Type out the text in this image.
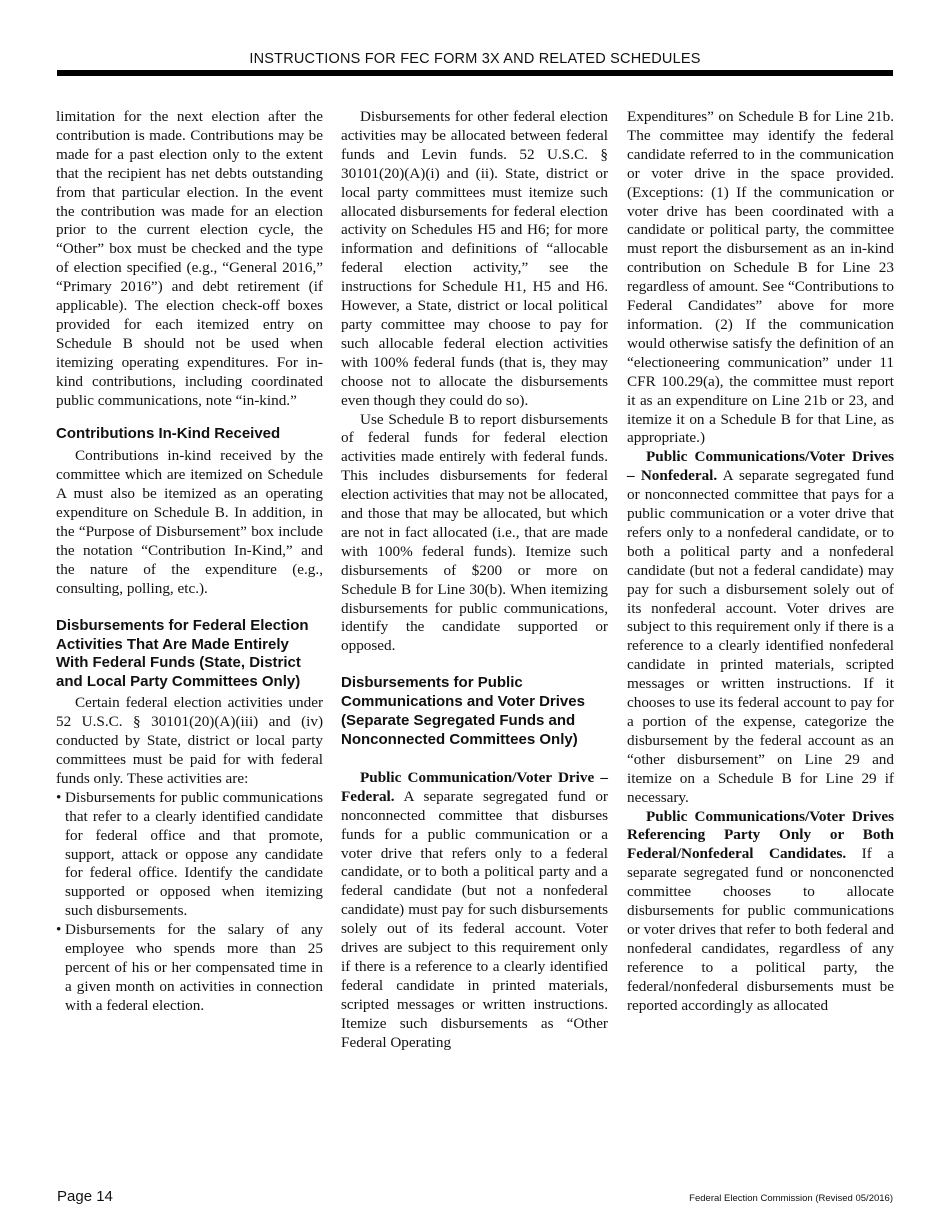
INSTRUCTIONS FOR FEC FORM 3X AND RELATED SCHEDULES

limitation for the next election after the contribution is made. Contributions may be made for a past election only to the extent that the recipient has net debts outstanding from that particular election. In the event the contribution was made for an election prior to the current election cycle, the “Other” box must be checked and the type of election specified (e.g., “General 2016,” “Primary 2016”) and debt retirement (if applicable). The election check-off boxes provided for each itemized entry on Schedule B should not be used when itemizing operating expenditures. For in-kind contributions, including coordinated public communications, note “in-kind.”

Contributions In-Kind Received

Contributions in-kind received by the committee which are itemized on Schedule A must also be itemized as an operating expenditure on Schedule B. In addition, in the “Purpose of Disbursement” box include the notation “Contribution In-Kind,” and the nature of the expenditure (e.g., consulting, polling, etc.).

Disbursements for Federal Election Activities That Are Made Entirely With Federal Funds (State, District and Local Party Committees Only)

Certain federal election activities under 52 U.S.C. § 30101(20)(A)(iii) and (iv) conducted by State, district or local party committees must be paid for with federal funds only. These activities are:

• Disbursements for public communications that refer to a clearly identified candidate for federal office and that promote, support, attack or oppose any candidate for federal office. Identify the candidate supported or opposed when itemizing such disbursements.
• Disbursements for the salary of any employee who spends more than 25 percent of his or her compensated time in a given month on activities in connection with a federal election.

Disbursements for other federal election activities may be allocated between federal funds and Levin funds. 52 U.S.C. § 30101(20)(A)(i) and (ii). State, district or local party committees must itemize such allocated disbursements for federal election activity on Schedules H5 and H6; for more information and definitions of “allocable federal election activity,” see the instructions for Schedule H1, H5 and H6. However, a State, district or local political party committee may choose to pay for such allocable federal election activities with 100% federal funds (that is, they may choose not to allocate the disbursements even though they could do so).

Use Schedule B to report disbursements of federal funds for federal election activities made entirely with federal funds. This includes disbursements for federal election activities that may not be allocated, and those that may be allocated, but which are not in fact allocated (i.e., that are made with 100% federal funds). Itemize such disbursements of $200 or more on Schedule B for Line 30(b). When itemizing disbursements for public communications, identify the candidate supported or opposed.

Disbursements for Public Communications and Voter Drives (Separate Segregated Funds and Nonconnected Committees Only)

Public Communication/Voter Drive – Federal. A separate segregated fund or nonconnected committee that disburses funds for a public communication or a voter drive that refers only to a federal candidate, or to both a political party and a federal candidate (but not a nonfederal candidate) must pay for such disbursements solely out of its federal account. Voter drives are subject to this requirement only if there is a reference to a clearly identified federal candidate in printed materials, scripted messages or written instructions. Itemize such disbursements as “Other Federal Operating

Expenditures” on Schedule B for Line 21b. The committee may identify the federal candidate referred to in the communication or voter drive in the space provided. (Exceptions: (1) If the communication or voter drive has been coordinated with a candidate or political party, the committee must report the disbursement as an in-kind contribution on Schedule B for Line 23 regardless of amount. See “Contributions to Federal Candidates” above for more information. (2) If the communication would otherwise satisfy the definition of an “electioneering communication” under 11 CFR 100.29(a), the committee must report it as an expenditure on Line 21b or 23, and itemize it on a Schedule B for that Line, as appropriate.)

Public Communications/Voter Drives – Nonfederal. A separate segregated fund or nonconnected committee that pays for a public communication or a voter drive that refers only to a nonfederal candidate, or to both a political party and a nonfederal candidate (but not a federal candidate) may pay for such a disbursement solely out of its nonfederal account. Voter drives are subject to this requirement only if there is a reference to a clearly identified nonfederal candidate in printed materials, scripted messages or written instructions. If it chooses to use its federal account to pay for a portion of the expense, categorize the disbursement by the federal account as an “other disbursement” on Line 29 and itemize on a Schedule B for Line 29 if necessary.

Public Communications/Voter Drives Referencing Party Only or Both Federal/Nonfederal Candidates. If a separate segregated fund or nonconencted committee chooses to allocate disbursements for public communications or voter drives that refer to both federal and nonfederal candidates, regardless of any reference to a political party, the federal/nonfederal disbursements must be reported accordingly as allocated

Page 14	Federal Election Commission (Revised 05/2016)
